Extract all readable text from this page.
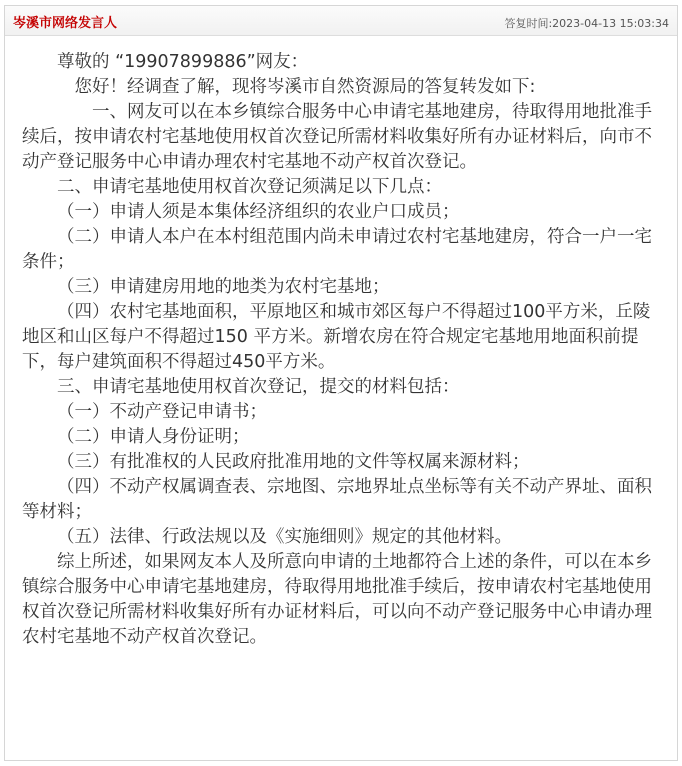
岑溪市网络发言人	答复时间:2023-04-13 15:03:34

尊敬的 “19907899886”网友：

您好！经调查了解，现将岑溪市自然资源局的答复转发如下:

一、网友可以在本乡镇综合服务中心申请宅基地建房，待取得用地批准手续后，按申请农村宅基地使用权首次登记所需材料收集好所有办证材料后，向市不动产登记服务中心申请办理农村宅基地不动产权首次登记。

二、申请宅基地使用权首次登记须满足以下几点：

（一）申请人须是本集体经济组织的农业户口成员；

（二）申请人本户在本村组范围内尚未申请过农村宅基地建房，符合一户一宅条件；

（三）申请建房用地的地类为农村宅基地；

（四）农村宅基地面积，平原地区和城市郊区每户不得超过100平方米，丘陵地区和山区每户不得超过150 平方米。新增农房在符合规定宅基地用地面积前提下，每户建筑面积不得超过450平方米。

三、申请宅基地使用权首次登记，提交的材料包括：

（一）不动产登记申请书；

（二）申请人身份证明；

（三）有批准权的人民政府批准用地的文件等权属来源材料；

（四）不动产权属调查表、宗地图、宗地界址点坐标等有关不动产界址、面积等材料；

（五）法律、行政法规以及《实施细则》规定的其他材料。

综上所述，如果网友本人及所意向申请的土地都符合上述的条件，可以在本乡镇综合服务中心申请宅基地建房，待取得用地批准手续后，按申请农村宅基地使用权首次登记所需材料收集好所有办证材料后，可以向不动产登记服务中心申请办理农村宅基地不动产权首次登记。
